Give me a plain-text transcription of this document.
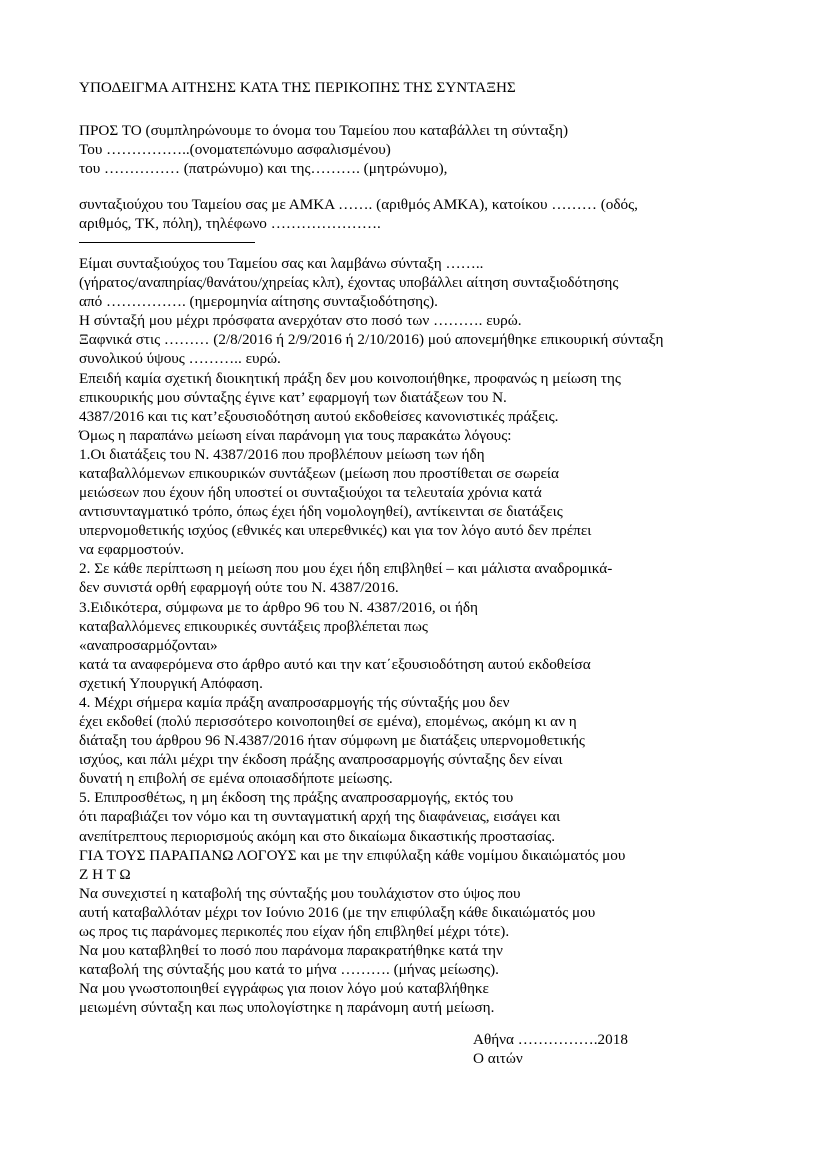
ΥΠΟΔΕΙΓΜΑ ΑΙΤΗΣΗΣ ΚΑΤΑ ΤΗΣ ΠΕΡΙΚΟΠΗΣ ΤΗΣ ΣΥΝΤΑΞΗΣ
ΠΡΟΣ ΤΟ (συμπληρώνουμε το όνομα του Ταμείου που καταβάλλει τη σύνταξη)
Του ……………..(ονοματεπώνυμο ασφαλισμένου)
του …………… (πατρώνυμο) και της………. (μητρώνυμο),
συνταξιούχου του Ταμείου σας με ΑΜΚΑ ……. (αριθμός ΑΜΚΑ), κατοίκου ……… (οδός,
αριθμός, ΤΚ, πόλη), τηλέφωνο ………………….
Είμαι συνταξιούχος του Ταμείου σας και λαμβάνω σύνταξη ……..
(γήρατος/αναπηρίας/θανάτου/χηρείας κλπ), έχοντας υποβάλλει αίτηση συνταξιοδότησης
από ……………. (ημερομηνία αίτησης συνταξιοδότησης).
Η σύνταξή μου μέχρι πρόσφατα ανερχόταν στο ποσό των ………. ευρώ.
Ξαφνικά στις ……… (2/8/2016 ή 2/9/2016 ή 2/10/2016) μού απονεμήθηκε επικουρική σύνταξη
συνολικού ύψους ……….. ευρώ.
Επειδή καμία σχετική διοικητική πράξη δεν μου κοινοποιήθηκε, προφανώς η μείωση της
επικουρικής μου σύνταξης έγινε κατ’ εφαρμογή των διατάξεων του Ν.
4387/2016 και τις κατ’εξουσιοδότηση αυτού εκδοθείσες κανονιστικές πράξεις.
Όμως η παραπάνω μείωση είναι παράνομη για τους παρακάτω λόγους:
1.Οι διατάξεις του Ν. 4387/2016 που προβλέπουν μείωση των ήδη
καταβαλλόμενων επικουρικών συντάξεων (μείωση που προστίθεται σε σωρεία
μειώσεων που έχουν ήδη υποστεί οι συνταξιούχοι τα τελευταία χρόνια κατά
αντισυνταγματικό τρόπο, όπως έχει ήδη νομολογηθεί), αντίκεινται σε διατάξεις
υπερνομοθετικής ισχύος (εθνικές και υπερεθνικές) και για τον λόγο αυτό δεν πρέπει
να εφαρμοστούν.
2. Σε κάθε περίπτωση η μείωση που μου έχει ήδη επιβληθεί – και μάλιστα αναδρομικά-
δεν συνιστά ορθή εφαρμογή ούτε του Ν. 4387/2016.
3.Ειδικότερα, σύμφωνα με το άρθρο 96 του Ν. 4387/2016, οι ήδη
καταβαλλόμενες επικουρικές συντάξεις προβλέπεται πως
«αναπροσαρμόζονται»
κατά τα αναφερόμενα στο άρθρο αυτό και την κατ΄εξουσιοδότηση αυτού εκδοθείσα
σχετική Υπουργική Απόφαση.
4. Μέχρι σήμερα καμία πράξη αναπροσαρμογής τής σύνταξής μου δεν
έχει εκδοθεί (πολύ περισσότερο κοινοποιηθεί σε εμένα), επομένως, ακόμη κι αν η
διάταξη του άρθρου 96 Ν.4387/2016 ήταν σύμφωνη με διατάξεις υπερνομοθετικής
ισχύος, και πάλι μέχρι την έκδοση πράξης αναπροσαρμογής σύνταξης δεν είναι
δυνατή η επιβολή σε εμένα οποιασδήποτε μείωσης.
5. Επιπροσθέτως, η μη έκδοση της πράξης αναπροσαρμογής, εκτός του
ότι παραβιάζει τον νόμο και τη συνταγματική αρχή της διαφάνειας, εισάγει και
ανεπίτρεπτους περιορισμούς ακόμη και στο δικαίωμα δικαστικής προστασίας.
ΓΙΑ ΤΟΥΣ ΠΑΡΑΠΑΝΩ ΛΟΓΟΥΣ και με την επιφύλαξη κάθε νομίμου δικαιώματός μου
Ζ Η Τ Ω
Να συνεχιστεί η καταβολή της σύνταξής μου τουλάχιστον στο ύψος που
αυτή καταβαλλόταν μέχρι τον Ιούνιο 2016 (με την επιφύλαξη κάθε δικαιώματός μου
ως προς τις παράνομες περικοπές που είχαν ήδη επιβληθεί μέχρι τότε).
Να μου καταβληθεί το ποσό που παράνομα παρακρατήθηκε κατά την
καταβολή της σύνταξής μου κατά το μήνα ………. (μήνας μείωσης).
Να μου γνωστοποιηθεί εγγράφως για ποιον λόγο μού καταβλήθηκε
μειωμένη σύνταξη και πως υπολογίστηκε η παράνομη αυτή μείωση.
Αθήνα …………….2018
Ο αιτών
